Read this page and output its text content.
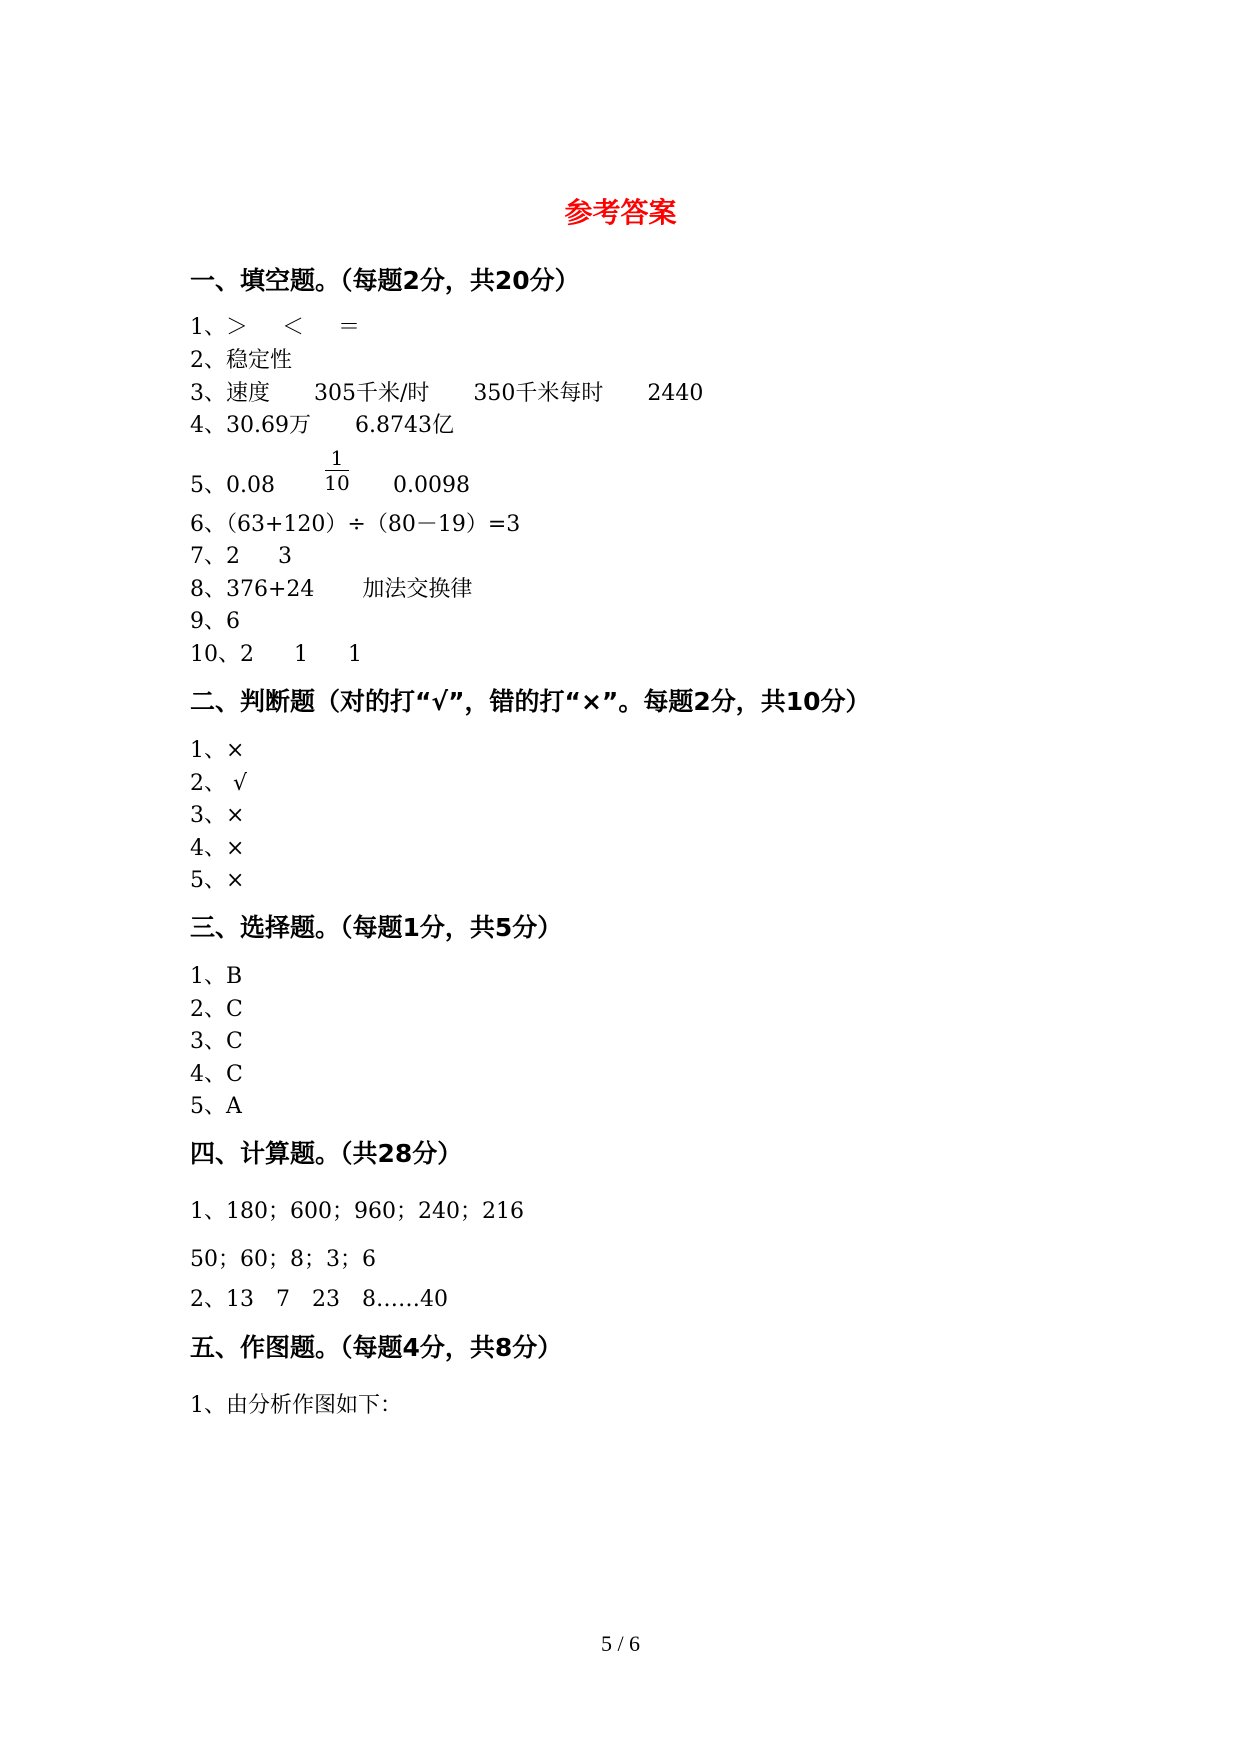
参考答案
一、填空题。（每题2分，共20分）
1、＞ ＜ ＝
2、稳定性
3、速度 305千米/时 350千米每时 2440
4、30.69万 6.8743亿
5、0.08	0.0098
1
10
6、（63+120）÷（80－19）=3
7、2 3
8、376+24 加法交换律
9、6
10、2 1 1
二、判断题（对的打“√”，错的打“×”。每题2分，共10分）
1、×
2、 √
3、×
4、×
5、×
三、选择题。（每题1分，共5分）
1、B
2、C
3、C
4、C
5、A
四、计算题。（共28分）
1、180；600；960；240；216
50；60；8；3；6
2、13　7　23　8……40
五、作图题。（每题4分，共8分）
1、由分析作图如下：
5 / 6
